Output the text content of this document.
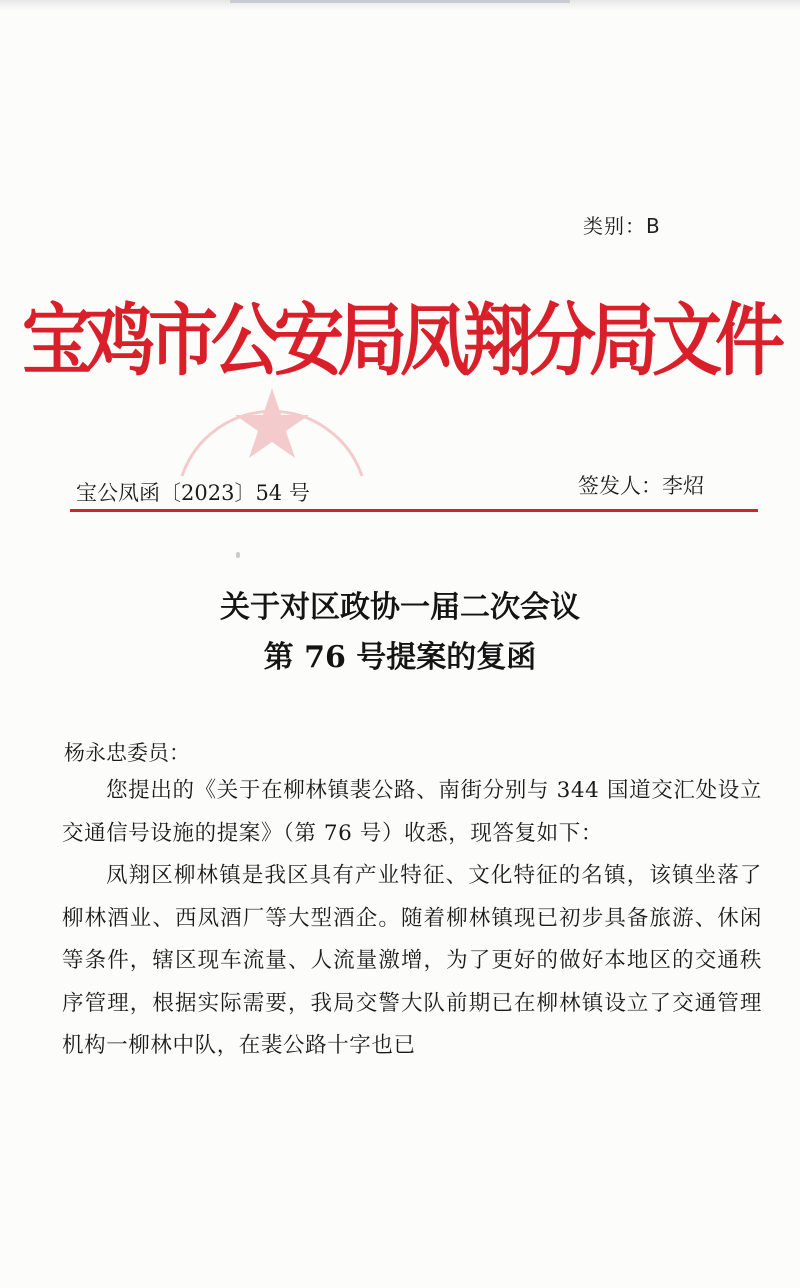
类别：B
宝鸡市公安局凤翔分局文件
宝公凤函〔2023〕54 号	签发人：李炤
关于对区政协一届二次会议
第 76 号提案的复函
杨永忠委员：

您提出的《关于在柳林镇裴公路、南街分别与 344 国道交汇处设立交通信号设施的提案》（第 76 号）收悉，现答复如下：

凤翔区柳林镇是我区具有产业特征、文化特征的名镇，该镇坐落了柳林酒业、西凤酒厂等大型酒企。随着柳林镇现已初步具备旅游、休闲等条件，辖区现车流量、人流量激增，为了更好的做好本地区的交通秩序管理，根据实际需要，我局交警大队前期已在柳林镇设立了交通管理机构一柳林中队，在裴公路十字也已
